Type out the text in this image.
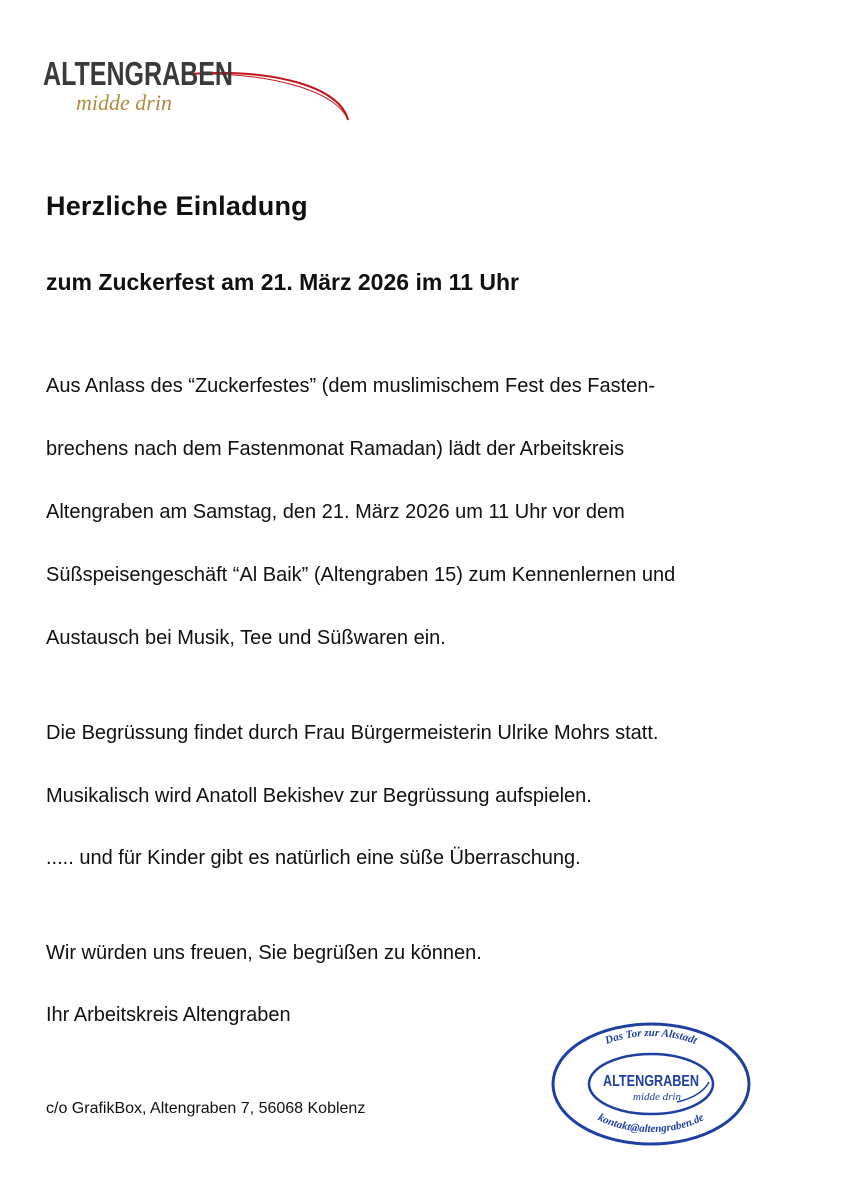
ALTENGRABEN
midde drin
Herzliche Einladung
zum Zuckerfest am 21. März 2026 im 11 Uhr
Aus Anlass des “Zuckerfestes” (dem muslimischem Fest des Fasten-
brechens nach dem Fastenmonat Ramadan) lädt der Arbeitskreis
Altengraben am Samstag, den 21. März 2026 um 11 Uhr vor dem
Süßspeisengeschäft “Al Baik” (Altengraben 15) zum Kennenlernen und
Austausch bei Musik, Tee und Süßwaren ein.
Die Begrüssung findet durch Frau Bürgermeisterin Ulrike Mohrs statt.
Musikalisch wird Anatoll Bekishev zur Begrüssung aufspielen.
..... und für Kinder gibt es natürlich eine süße Überraschung.
Wir würden uns freuen, Sie begrüßen zu können.
Ihr Arbeitskreis Altengraben
c/o GrafikBox, Altengraben 7, 56068 Koblenz
Das Tor zur Altstadt
kontakt@altengraben.de
ALTENGRABEN
midde drin
